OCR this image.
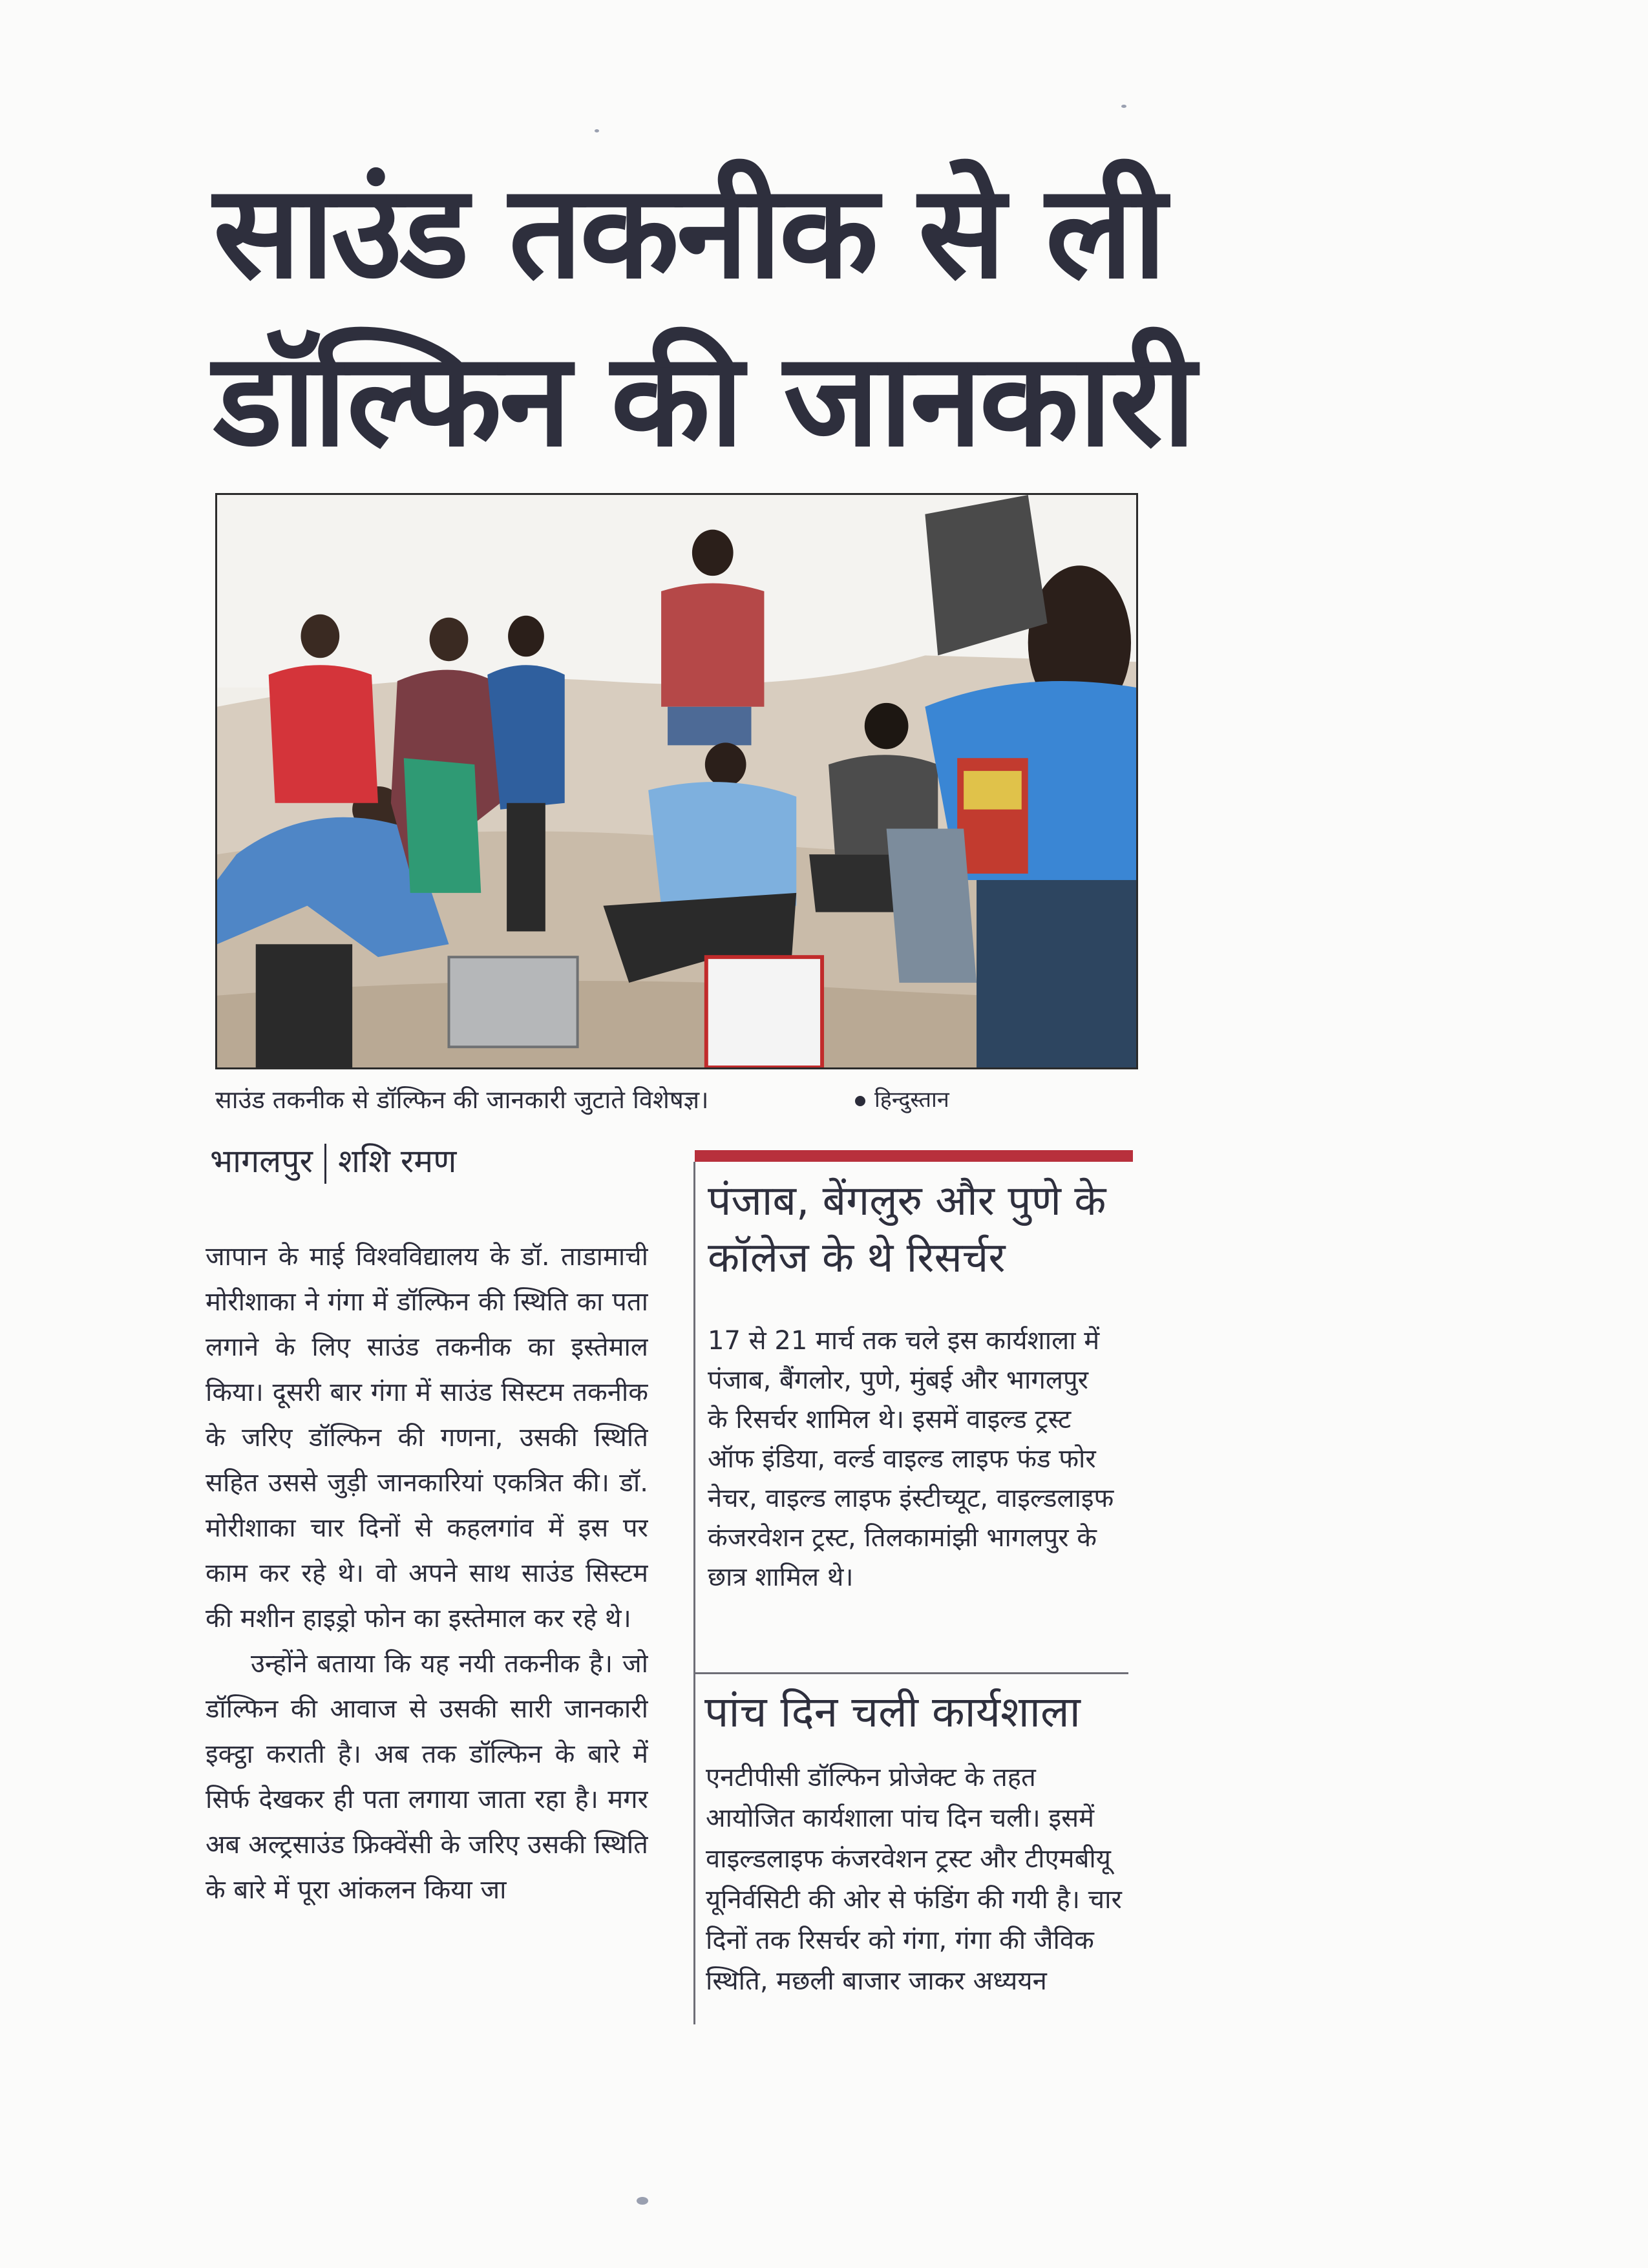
साउंड तकनीक से ली
डॉल्फिन की जानकारी
साउंड तकनीक से डॉल्फिन की जानकारी जुटाते विशेषज्ञ।	हिन्दुस्तान
भागलपुर शशि रमण

जापान के माई विश्वविद्यालय के डॉ. ताडामाची मोरीशाका ने गंगा में डॉल्फिन की स्थिति का पता लगाने के लिए साउंड तकनीक का इस्तेमाल किया। दूसरी बार गंगा में साउंड सिस्टम तकनीक के जरिए डॉल्फिन की गणना, उसकी स्थिति सहित उससे जुड़ी जानकारियां एकत्रित की। डॉ. मोरीशाका चार दिनों से कहलगांव में इस पर काम कर रहे थे। वो अपने साथ साउंड सिस्टम की मशीन हाइड्रो फोन का इस्तेमाल कर रहे थे।

उन्होंने बताया कि यह नयी तकनीक है। जो डॉल्फिन की आवाज से उसकी सारी जानकारी इक्ट्ठा कराती है। अब तक डॉल्फिन के बारे में सिर्फ देखकर ही पता लगाया जाता रहा है। मगर अब अल्ट्रसाउंड फ्रिक्वेंसी के जरिए उसकी स्थिति के बारे में पूरा आंकलन किया जा

पंजाब, बेंगलुरु और पुणे के कॉलेज के थे रिसर्चर
17 से 21 मार्च तक चले इस कार्यशाला में पंजाब, बैंगलोर, पुणे, मुंबई और भागलपुर के रिसर्चर शामिल थे। इसमें वाइल्ड ट्रस्ट ऑफ इंडिया, वर्ल्ड वाइल्ड लाइफ फंड फोर नेचर, वाइल्ड लाइफ इंस्टीच्यूट, वाइल्डलाइफ कंजरवेशन ट्रस्ट, तिलकामांझी भागलपुर के छात्र शामिल थे।
पांच दिन चली कार्यशाला
एनटीपीसी डॉल्फिन प्रोजेक्ट के तहत आयोजित कार्यशाला पांच दिन चली। इसमें वाइल्डलाइफ कंजरवेशन ट्रस्ट और टीएमबीयू यूनिर्वसिटी की ओर से फंडिंग की गयी है। चार दिनों तक रिसर्चर को गंगा, गंगा की जैविक स्थिति, मछली बाजार जाकर अध्ययन
